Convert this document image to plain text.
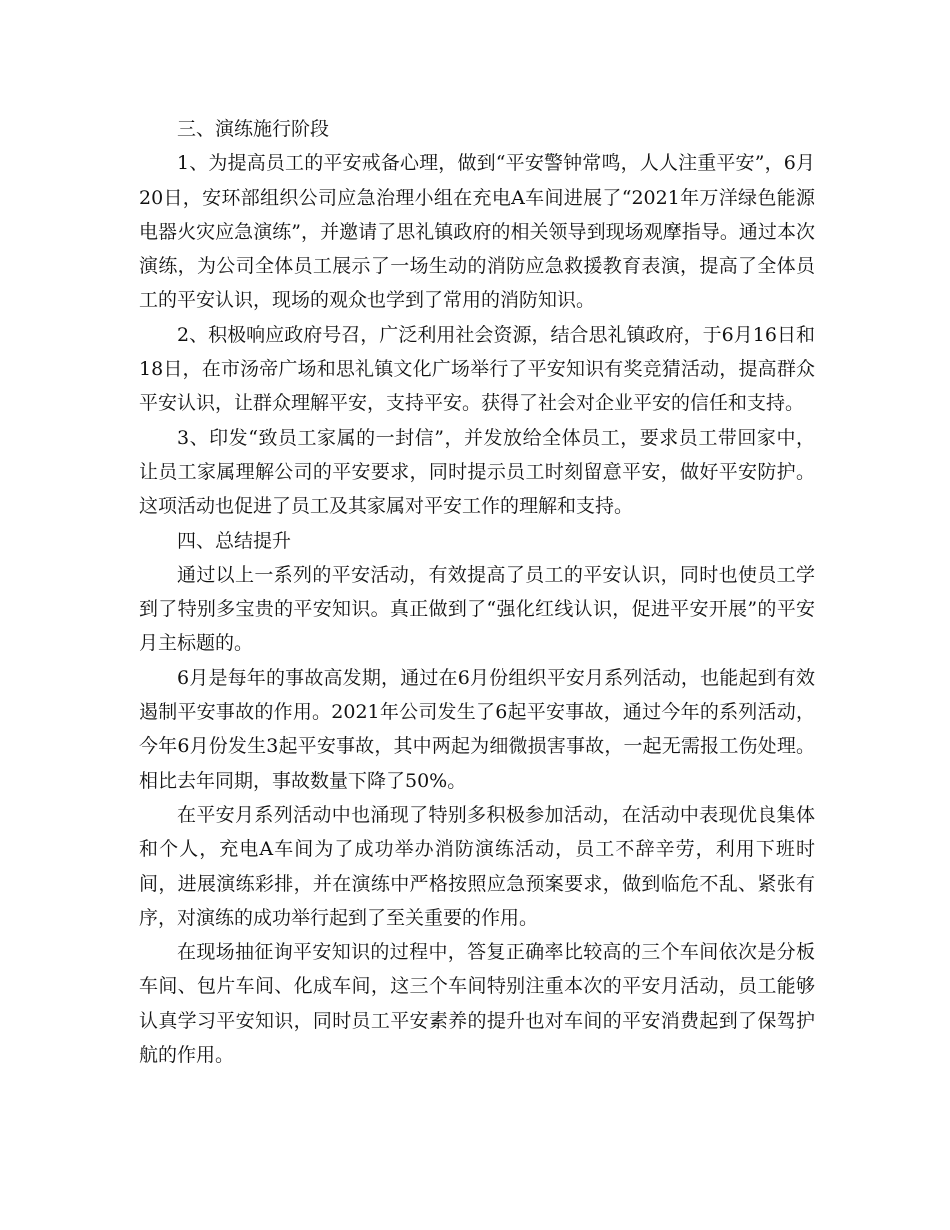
三、演练施行阶段

1、为提高员工的平安戒备心理，做到“平安警钟常鸣，人人注重平安”，6月20日，安环部组织公司应急治理小组在充电A车间进展了“2021年万洋绿色能源电器火灾应急演练”，并邀请了思礼镇政府的相关领导到现场观摩指导。通过本次演练，为公司全体员工展示了一场生动的消防应急救援教育表演，提高了全体员工的平安认识，现场的观众也学到了常用的消防知识。

2、积极响应政府号召，广泛利用社会资源，结合思礼镇政府，于6月16日和18日，在市汤帝广场和思礼镇文化广场举行了平安知识有奖竞猜活动，提高群众平安认识，让群众理解平安，支持平安。获得了社会对企业平安的信任和支持。

3、印发“致员工家属的一封信”，并发放给全体员工，要求员工带回家中，让员工家属理解公司的平安要求，同时提示员工时刻留意平安，做好平安防护。这项活动也促进了员工及其家属对平安工作的理解和支持。

四、总结提升

通过以上一系列的平安活动，有效提高了员工的平安认识，同时也使员工学到了特别多宝贵的平安知识。真正做到了“强化红线认识，促进平安开展”的平安月主标题的。

6月是每年的事故高发期，通过在6月份组织平安月系列活动，也能起到有效遏制平安事故的作用。2021年公司发生了6起平安事故，通过今年的系列活动，今年6月份发生3起平安事故，其中两起为细微损害事故，一起无需报工伤处理。相比去年同期，事故数量下降了50%。

在平安月系列活动中也涌现了特别多积极参加活动，在活动中表现优良集体和个人，充电A车间为了成功举办消防演练活动，员工不辞辛劳，利用下班时间，进展演练彩排，并在演练中严格按照应急预案要求，做到临危不乱、紧张有序，对演练的成功举行起到了至关重要的作用。

在现场抽征询平安知识的过程中，答复正确率比较高的三个车间依次是分板车间、包片车间、化成车间，这三个车间特别注重本次的平安月活动，员工能够认真学习平安知识，同时员工平安素养的提升也对车间的平安消费起到了保驾护航的作用。
